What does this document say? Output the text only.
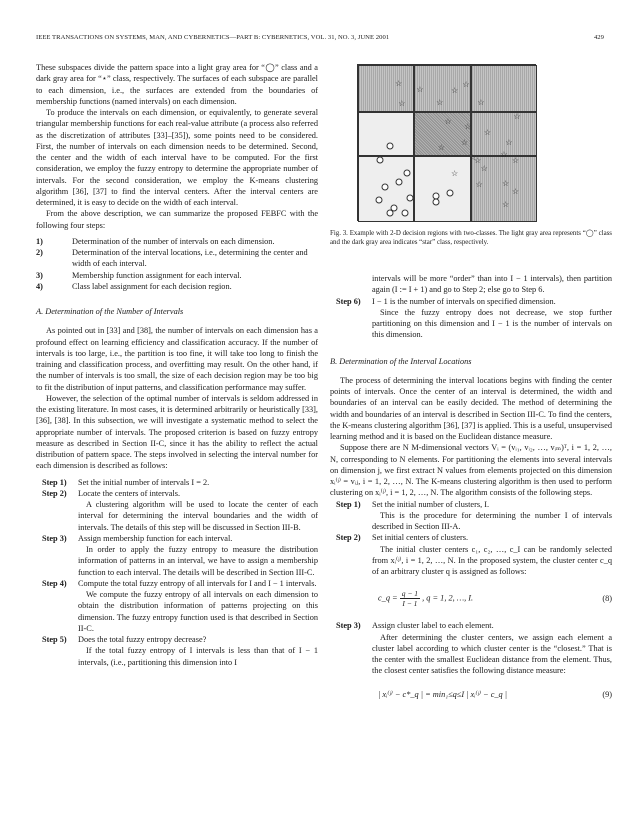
IEEE TRANSACTIONS ON SYSTEMS, MAN, AND CYBERNETICS—PART B: CYBERNETICS, VOL. 31, NO. 3, JUNE 2001	429

These subspaces divide the pattern space into a light gray area for “◯” class and a dark gray area for “⋆” class, respectively. The surfaces of each subspace are parallel to each dimension, i.e., the surfaces are extended from the boundaries of membership functions (named intervals) on each dimension.

To produce the intervals on each dimension, or equivalently, to generate several triangular membership functions for each real-value attribute (a process also referred as the discretization of attributes [33]–[35]), some points need to be considered. First, the number of intervals on each dimension needs to be determined. Second, the center and the width of each interval have to be computed. For the first consideration, we employ the fuzzy entropy to determine the appropriate number of intervals. For the second consideration, we employ the K-means clustering algorithm [36], [37] to find the interval centers. After the interval centers are determined, it is easy to decide on the width of each interval.

From the above description, we can summarize the proposed FEBFC with the following four steps:

1)	Determination of the number of intervals on each dimension.
2)	Determination of the interval locations, i.e., determining the center and width of each interval.
3)	Membership function assignment for each interval.
4)	Class label assignment for each decision region.
A. Determination of the Number of Intervals

As pointed out in [33] and [38], the number of intervals on each dimension has a profound effect on learning efficiency and classification accuracy. If the number of intervals is too large, i.e., the partition is too fine, it will take too long to finish the training and classification process, and overfitting may result. On the other hand, if the number of intervals is too small, the size of each decision region may be too big to fit the distribution of input patterns, and classification performance may suffer.

However, the selection of the optimal number of intervals is seldom addressed in the existing literature. In most cases, it is determined arbitrarily or heuristically [33], [36], [38]. In this subsection, we will investigate a systematic method to select the appropriate number of intervals. The proposed criterion is based on fuzzy entropy measure as described in Section II-C, since it has the ability to reflect the actual distribution of pattern space. The steps involved in selecting the interval number for each dimension is described as follows:

Step 1) Set the initial number of intervals I = 2.
Step 2) Locate the centers of intervals.
A clustering algorithm will be used to locate the center of each interval for determining the interval boundaries and the width of intervals. The details of this step will be discussed in Section III-B.
Step 3) Assign membership function for each interval.
In order to apply the fuzzy entropy to measure the distribution information of patterns in an interval, we have to assign a membership function to each interval. The details will be described in Section III-C.
Step 4) Compute the total fuzzy entropy of all intervals for I and I − 1 intervals.
We compute the fuzzy entropy of all intervals on each dimension to obtain the distribution information of patterns projecting on this dimension. The fuzzy entropy function used is that described in Section II-C.
Step 5) Does the total fuzzy entropy decrease?
If the total fuzzy entropy of I intervals is less than that of I − 1 intervals, (i.e., partitioning this dimension into I
☆
☆
☆
☆
☆
☆	☆
☆	☆
☆
☆
☆ ☆
☆
☆
☆
☆
☆
☆
☆
☆
☆
☆
☆
Fig. 3. Example with 2-D decision regions with two-classes. The light gray area represents “◯” class and the dark gray area indicates “star” class, respectively.
intervals will be more “order” than into I − 1 intervals), then partition again (I := I + 1) and go to Step 2; else go to Step 6.
Step 6) I − 1 is the number of intervals on specified dimension.
Since the fuzzy entropy does not decrease, we stop further partitioning on this dimension and I − 1 is the number of intervals on this dimension.
B. Determination of the Interval Locations

The process of determining the interval locations begins with finding the center points of intervals. Once the center of an interval is determined, the width and boundaries of an interval can be easily decided. The method of determining the width and boundaries of an interval is described in Section III-C. To find the centers, the K-means clustering algorithm [36], [37] is applied. This is a useful, unsupervised learning method and it is based on the Euclidean distance measure.

Suppose there are N M-dimensional vectors Vᵢ = (vᵢ₁, vᵢ₂, …, vᵢₘ)ᵀ, i = 1, 2, …, N, corresponding to N elements. For partitioning the elements into several intervals on dimension j, we first extract N values from elements projected on this dimension xᵢ⁽ʲ⁾ = vᵢⱼ, i = 1, 2, …, N. The K-means clustering algorithm is then used to perform clustering on xᵢ⁽ʲ⁾, i = 1, 2, …, N. The algorithm consists of the following steps.

Step 1) Set the initial number of clusters, I.
This is the procedure for determining the number I of intervals described in Section III-A.
Step 2) Set initial centers of clusters.
The initial cluster centers c₁, c₂, …, c_I can be randomly selected from xᵢ⁽ʲ⁾, i = 1, 2, …, N. In the proposed system, the cluster center c_q of an arbitrary cluster q is assigned as follows:
c_q = $\frac{q - 1}{I - 1}$ , q = 1, 2, …, I.	(8)
Step 3) Assign cluster label to each element.
After determining the cluster centers, we assign each element a cluster label according to which cluster center is the “closest.” That is the center with the smallest Euclidean distance from the element. Thus, the closest center satisfies the following distance measure:
| xᵢ⁽ʲ⁾ − c*_q | = min₁≤q≤I | xᵢ⁽ʲ⁾ − c_q |	(9)
